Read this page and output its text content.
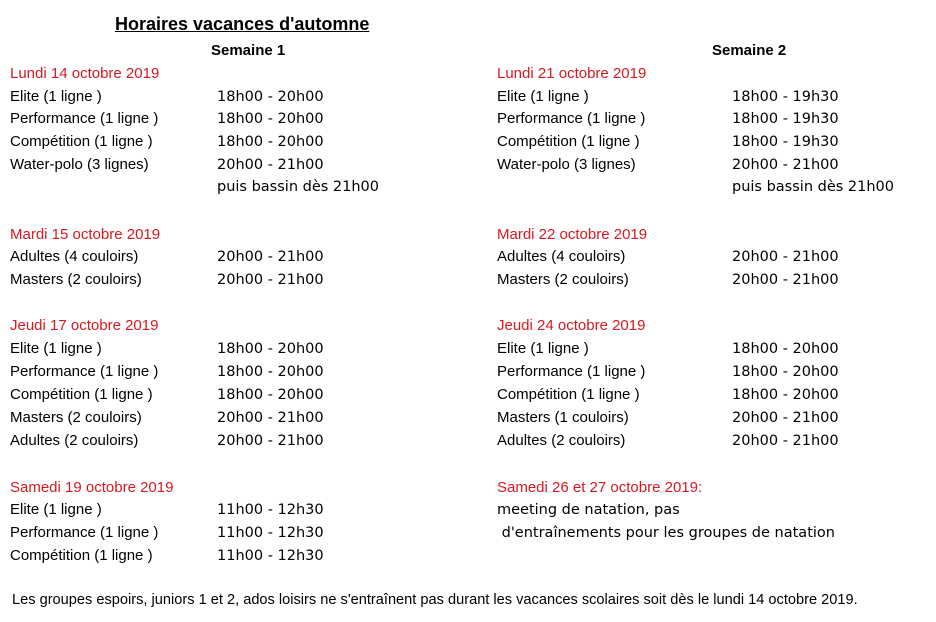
Horaires vacances d'automne
Semaine 1	Semaine 2
Lundi 14 octobre 2019
Elite (1 ligne )	18h00 - 20h00
Performance (1 ligne )	18h00 - 20h00
Compétition (1 ligne )	18h00 - 20h00
Water-polo (3 lignes)	20h00 - 21h00
puis bassin dès 21h00
Mardi 15 octobre 2019
Adultes (4 couloirs)	20h00 - 21h00
Masters (2 couloirs)	20h00 - 21h00
Jeudi 17 octobre 2019
Elite (1 ligne )	18h00 - 20h00
Performance (1 ligne )	18h00 - 20h00
Compétition (1 ligne )	18h00 - 20h00
Masters (2 couloirs)	20h00 - 21h00
Adultes (2 couloirs)	20h00 - 21h00
Samedi 19 octobre 2019
Elite (1 ligne )	11h00 - 12h30
Performance (1 ligne )	11h00 - 12h30
Compétition (1 ligne )	11h00 - 12h30
Lundi 21 octobre 2019
Elite (1 ligne )	18h00 - 19h30
Performance (1 ligne )	18h00 - 19h30
Compétition (1 ligne )	18h00 - 19h30
Water-polo (3 lignes)	20h00 - 21h00
puis bassin dès 21h00
Mardi 22 octobre 2019
Adultes (4 couloirs)	20h00 - 21h00
Masters (2 couloirs)	20h00 - 21h00
Jeudi 24 octobre 2019
Elite (1 ligne )	18h00 - 20h00
Performance (1 ligne )	18h00 - 20h00
Compétition (1 ligne )	18h00 - 20h00
Masters (1 couloirs)	20h00 - 21h00
Adultes (2 couloirs)	20h00 - 21h00
Samedi 26 et 27 octobre 2019:
meeting de natation, pas
d'entraînements pour les groupes de natation
Les groupes espoirs, juniors 1 et 2, ados loisirs ne s'entraînent pas durant les vacances scolaires soit dès le lundi 14 octobre 2019.
